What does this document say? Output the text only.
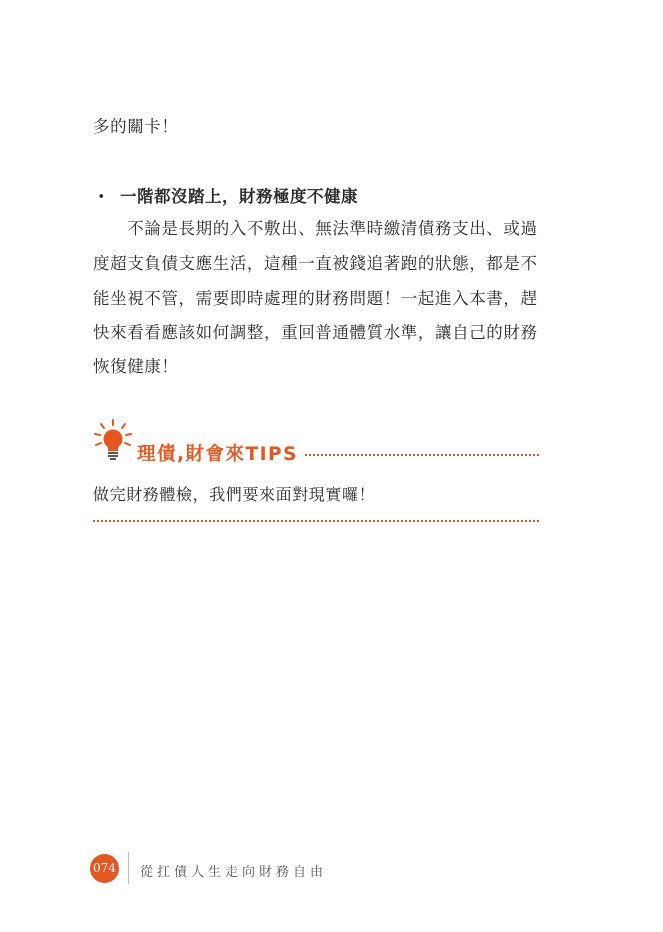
多的關卡！
・ 一階都沒踏上，財務極度不健康
　　不論是長期的入不敷出、無法準時繳清債務支出、或過
度超支負債支應生活，這種一直被錢追著跑的狀態，都是不
能坐視不管，需要即時處理的財務問題！一起進入本書，趕
快來看看應該如何調整，重回普通體質水準，讓自己的財務
恢復健康！
理債,財會來TIPS
做完財務體檢，我們要來面對現實囉！
074 從扛債人生走向財務自由
